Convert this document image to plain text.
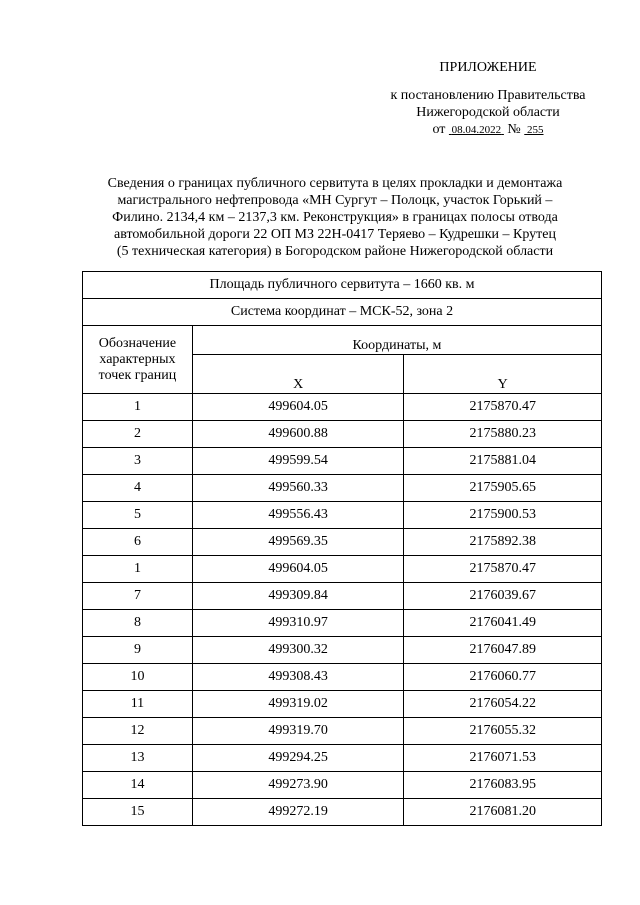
ПРИЛОЖЕНИЕ
к постановлению Правительства
Нижегородской области
от 08.04.2022 № 255
Сведения о границах публичного сервитута в целях прокладки и демонтажа
магистрального нефтепровода «МН Сургут – Полоцк, участок Горький –
Филино. 2134,4 км – 2137,3 км. Реконструкция» в границах полосы отвода
автомобильной дороги 22 ОП МЗ 22Н-0417 Теряево – Кудрешки – Крутец
(5 техническая категория) в Богородском районе Нижегородской области
Площадь публичного сервитута – 1660 кв. м		
Система координат – МСК-52, зона 2		

Обозначение
характерных
точек границ	Координаты, м	
	X	Y
1	499604.05	2175870.47
2	499600.88	2175880.23
3	499599.54	2175881.04
4	499560.33	2175905.65
5	499556.43	2175900.53
6	499569.35	2175892.38
1	499604.05	2175870.47
7	499309.84	2176039.67
8	499310.97	2176041.49
9	499300.32	2176047.89
10	499308.43	2176060.77
11	499319.02	2176054.22
12	499319.70	2176055.32
13	499294.25	2176071.53
14	499273.90	2176083.95
15	499272.19	2176081.20
